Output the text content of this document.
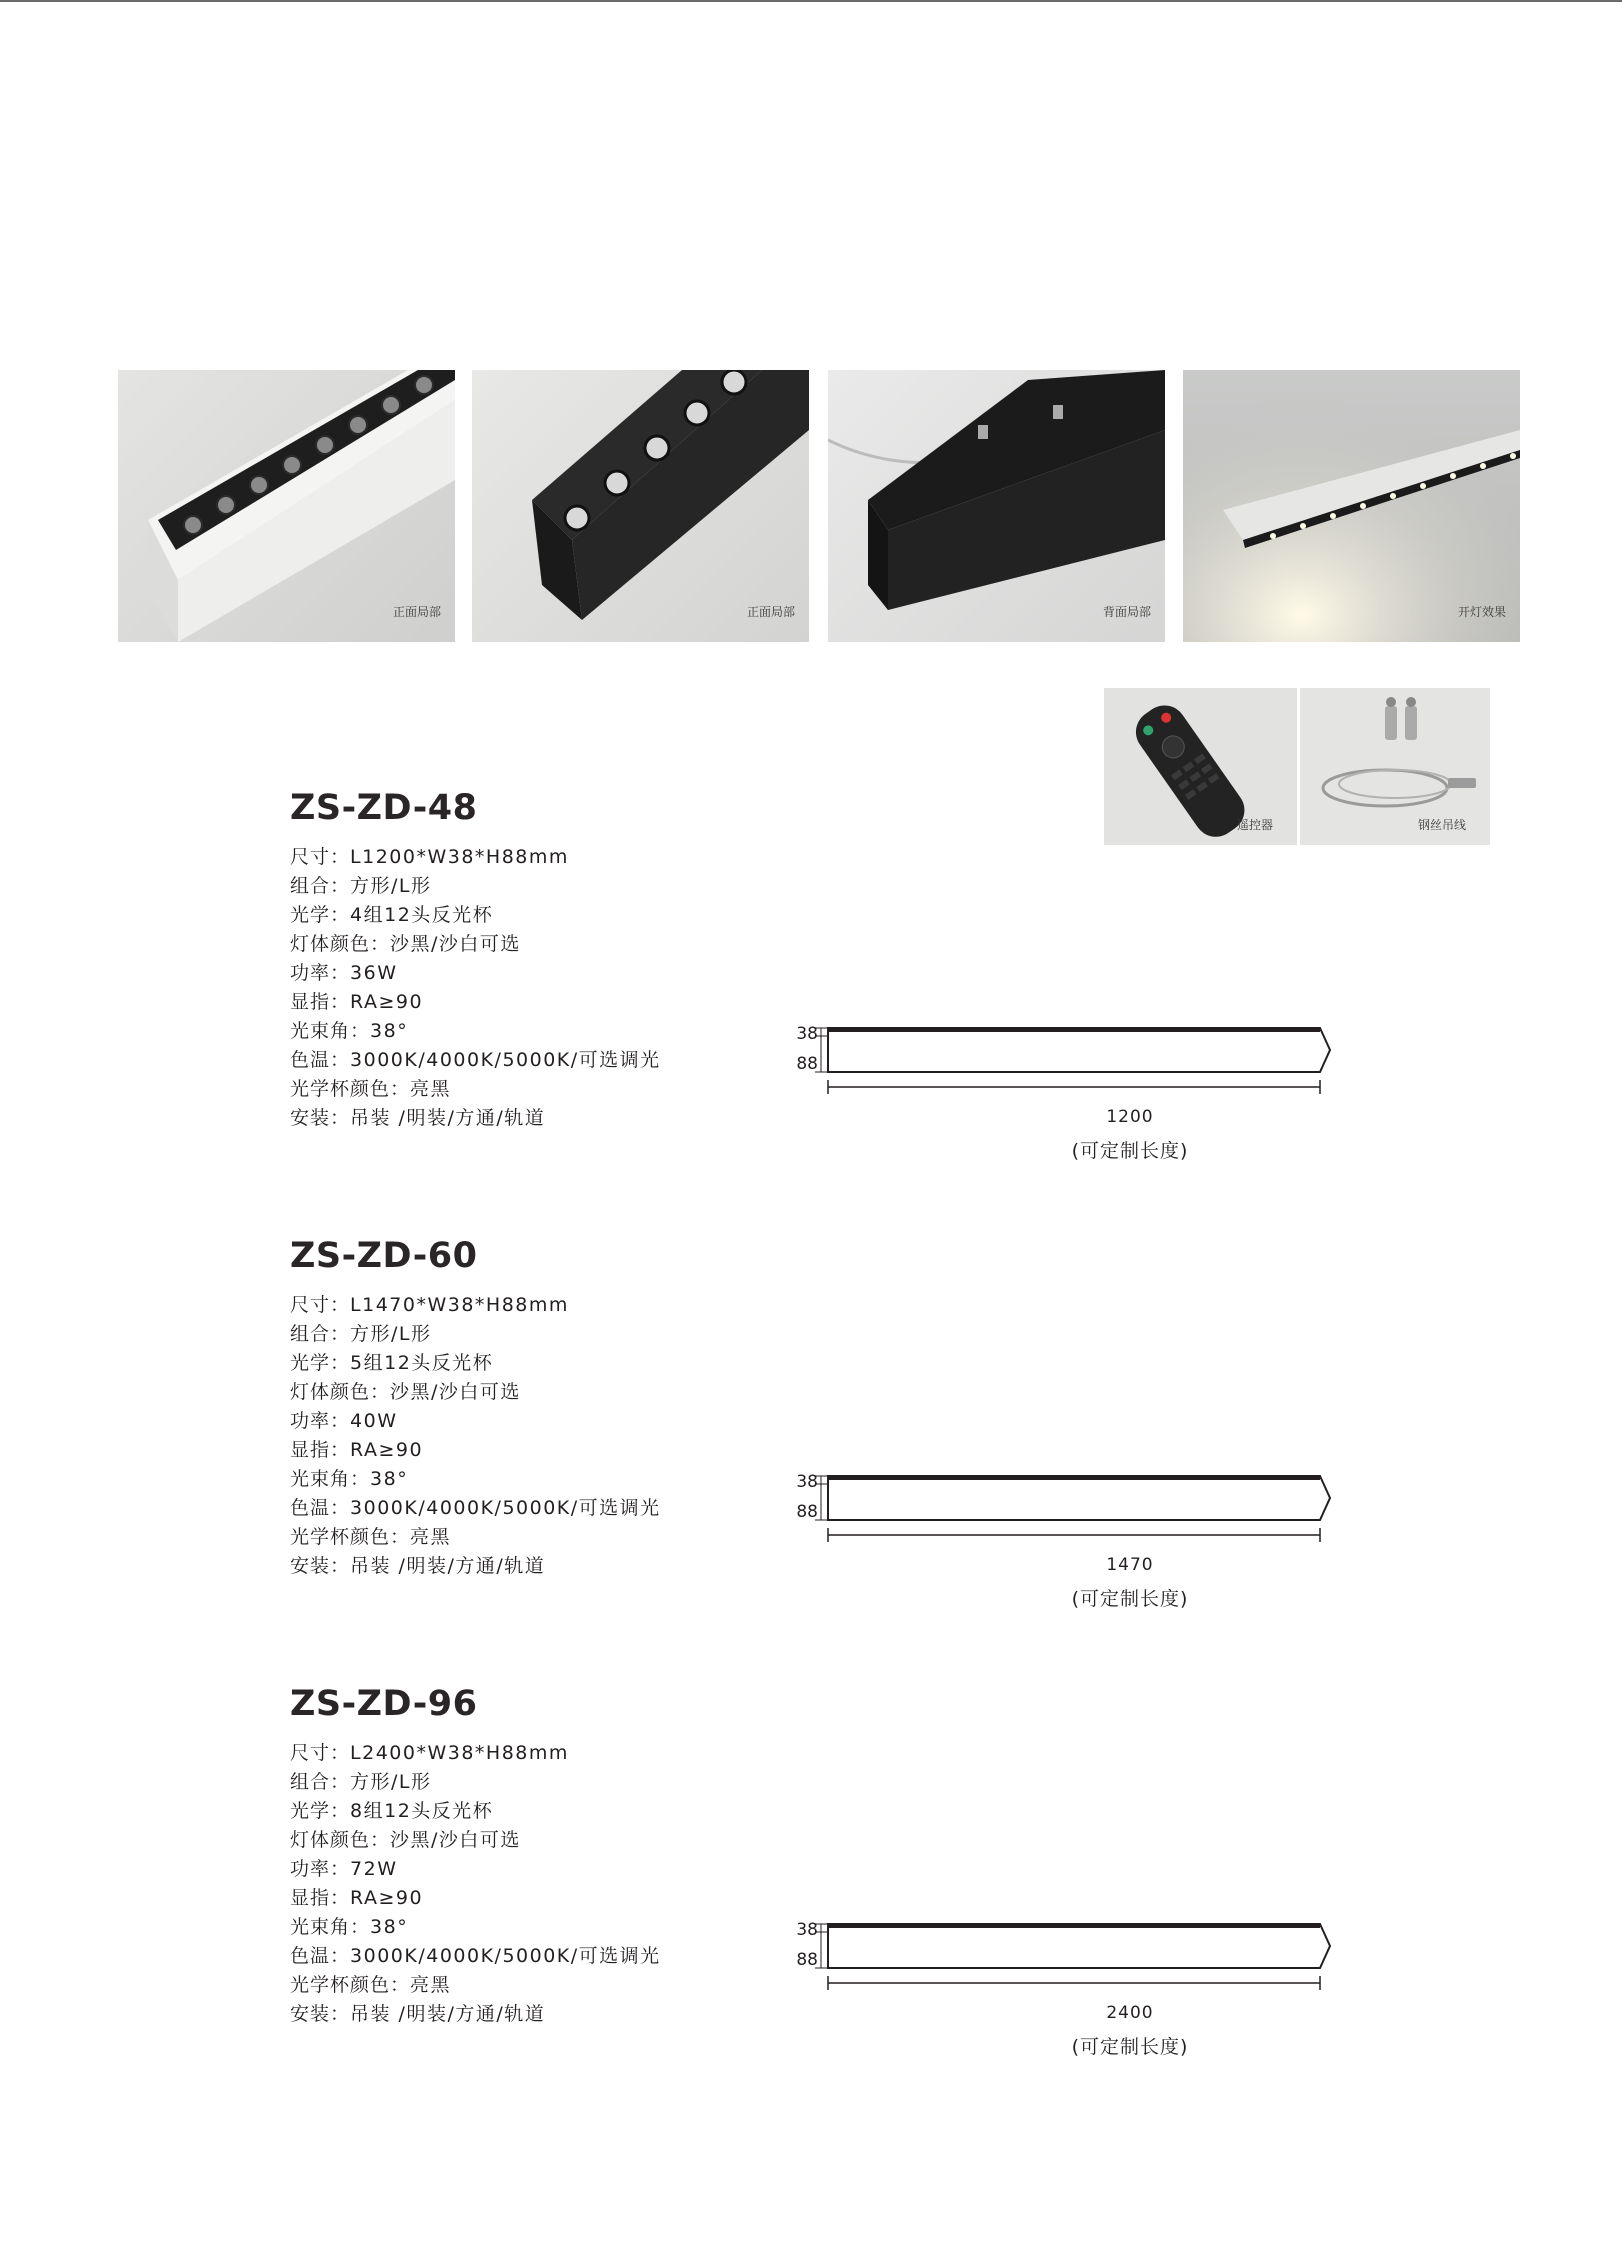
正面局部	正面局部	背面局部	开灯效果
遥控器	钢丝吊线
ZS-ZD-48
尺寸：L1200*W38*H88mm
组合：方形/L形
光学：4组12头反光杯
灯体颜色：沙黑/沙白可选
功率：36W
显指：RA≥90
光束角：38°
色温：3000K/4000K/5000K/可选调光
光学杯颜色：亮黑
安装：吊装 /明装/方通/轨道
38
88
1200
(可定制长度)
ZS-ZD-60
尺寸：L1470*W38*H88mm
组合：方形/L形
光学：5组12头反光杯
灯体颜色：沙黑/沙白可选
功率：40W
显指：RA≥90
光束角：38°
色温：3000K/4000K/5000K/可选调光
光学杯颜色：亮黑
安装：吊装 /明装/方通/轨道
38
88
1470
(可定制长度)
ZS-ZD-96
尺寸：L2400*W38*H88mm
组合：方形/L形
光学：8组12头反光杯
灯体颜色：沙黑/沙白可选
功率：72W
显指：RA≥90
光束角：38°
色温：3000K/4000K/5000K/可选调光
光学杯颜色：亮黑
安装：吊装 /明装/方通/轨道
38
88
2400
(可定制长度)
